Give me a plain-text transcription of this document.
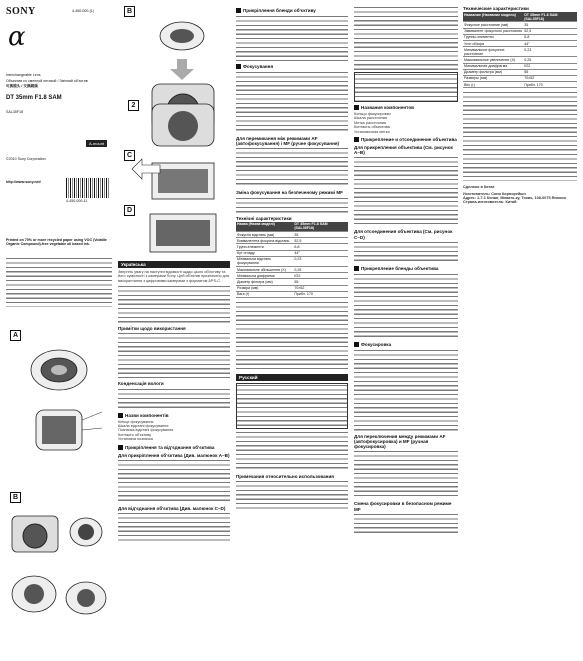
SONY	4-450-000-(1)
α
Interchangeable Lens
Объектив со сменной оптикой / Змінний об'єктив
可换镜头 / 交換鏡頭
DT 35mm F1.8 SAM
SAL35F18
©2010 Sony Corporation
A-mount
http://www.sony.net/
4-450-000-11
Printed on 70% or more recycled paper using VOC (Volatile Organic Compound)-free vegetable oil based ink.
A
B
B
2
C
D
Українська
Зверніть увагу на наступні відомості щодо цього об'єктиву та його сумісності з камерами Sony. Цей об'єктив призначено для використання з цифровими камерами з форматом APS-C.
Примітки щодо використання
Конденсація вологи
Назви компонентів
Кільце фокусування
Шкала відстані фокусування
Позначка відстані фокусування
Контакти об'єктиву
Установча позначка
Прикріплення та від'єднання об'єктива
Для прикріплення об'єктива (Див. малюнок A–B)
Для від'єднання об'єктива (Див. малюнок C–D)
Прикріплення бленди об'єктиву
Фокусування
Для перемикання між режимами AF (автофокусування) і MF (ручне фокусування)
Зміна фокусування на безпеченому режимі MF
Технічні характеристики
Назва (Назва моделі)	DT 35mm F1.8 SAM (SAL35F18)
Фокусна відстань (мм)	35
Еквівалентна фокусна відстань	52,5
Групи-елементи	6-8
Кут огляду	44°
Мінімальна відстань фокусування	0,23
Максимальне збільшення (X)	0,25
Мінімальна діафрагма	f/22
Діаметр фільтра (мм)	55
Розміри (мм)	70×52
Вага (г)	Прибл. 170
Русский
Примечания относительно использования
Названия компонентов
Кольцо фокусировки
Шкала расстояния
Метка расстояния
Контакты объектива
Установочная метка
Прикрепление и отсоединение объектива
Для прикрепления объектива (См. рисунок A–B)
Для отсоединения объектива (См. рисунок C–D)
Прикрепление бленды объектива
Фокусировка
Для переключения между режимами AF (автофокусировка) и MF (ручная фокусировка)
Смена фокусировки в безопасном режиме MF
Технические характеристики
Название (Название модели)	DT 35mm F1.8 SAM (SAL35F18)
Фокусное расстояние (мм)	35
Эквивалент фокусного расстояния	52,5
Группы-элементы	6-8
Угол обзора	44°
Минимальное фокусное расстояние	0,23
Максимальное увеличение (X)	0,25
Минимальная диафрагма	f/22
Диаметр фильтра (мм)	55
Размеры (мм)	70×52
Вес (г)	Прибл. 170
Сделано в Китае
Изготовитель: Сони Корпорейшн
Адрес: 1-7-1 Конан, Минато-ку, Токио, 108-0075 Япония
Страна-изготовитель: Китай
